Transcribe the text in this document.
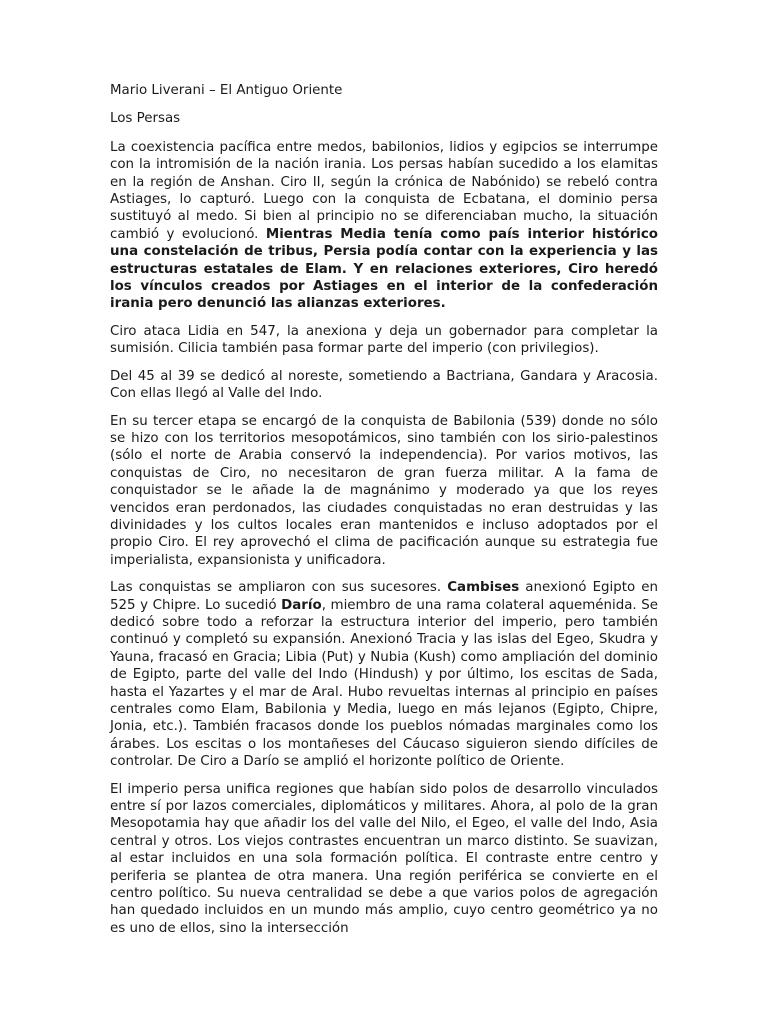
Mario Liverani – El Antiguo Oriente

Los Persas

La coexistencia pacífica entre medos, babilonios, lidios y egipcios se interrumpe con la intromisión de la nación irania. Los persas habían sucedido a los elamitas en la región de Anshan. Ciro II, según la crónica de Nabónido) se rebeló contra Astiages, lo capturó. Luego con la conquista de Ecbatana, el dominio persa sustituyó al medo. Si bien al principio no se diferenciaban mucho, la situación cambió y evolucionó. Mientras Media tenía como país interior histórico una constelación de tribus, Persia podía contar con la experiencia y las estructuras estatales de Elam. Y en relaciones exteriores, Ciro heredó los vínculos creados por Astiages en el interior de la confederación irania pero denunció las alianzas exteriores.

Ciro ataca Lidia en 547, la anexiona y deja un gobernador para completar la sumisión. Cilicia también pasa formar parte del imperio (con privilegios).

Del 45 al 39 se dedicó al noreste, sometiendo a Bactriana, Gandara y Aracosia. Con ellas llegó al Valle del Indo.

En su tercer etapa se encargó de la conquista de Babilonia (539) donde no sólo se hizo con los territorios mesopotámicos, sino también con los sirio-palestinos (sólo el norte de Arabia conservó la independencia). Por varios motivos, las conquistas de Ciro, no necesitaron de gran fuerza militar. A la fama de conquistador se le añade la de magnánimo y moderado ya que los reyes vencidos eran perdonados, las ciudades conquistadas no eran destruidas y las divinidades y los cultos locales eran mantenidos e incluso adoptados por el propio Ciro. El rey aprovechó el clima de pacificación aunque su estrategia fue imperialista, expansionista y unificadora.

Las conquistas se ampliaron con sus sucesores. Cambises anexionó Egipto en 525 y Chipre. Lo sucedió Darío, miembro de una rama colateral aqueménida. Se dedicó sobre todo a reforzar la estructura interior del imperio, pero también continuó y completó su expansión. Anexionó Tracia y las islas del Egeo, Skudra y Yauna, fracasó en Gracia; Libia (Put) y Nubia (Kush) como ampliación del dominio de Egipto, parte del valle del Indo (Hindush) y por último, los escitas de Sada, hasta el Yazartes y el mar de Aral. Hubo revueltas internas al principio en países centrales como Elam, Babilonia y Media, luego en más lejanos (Egipto, Chipre, Jonia, etc.). También fracasos donde los pueblos nómadas marginales como los árabes. Los escitas o los montañeses del Cáucaso siguieron siendo difíciles de controlar. De Ciro a Darío se amplió el horizonte político de Oriente.

El imperio persa unifica regiones que habían sido polos de desarrollo vinculados entre sí por lazos comerciales, diplomáticos y militares. Ahora, al polo de la gran Mesopotamia hay que añadir los del valle del Nilo, el Egeo, el valle del Indo, Asia central y otros. Los viejos contrastes encuentran un marco distinto. Se suavizan, al estar incluidos en una sola formación política. El contraste entre centro y periferia se plantea de otra manera. Una región periférica se convierte en el centro político. Su nueva centralidad se debe a que varios polos de agregación han quedado incluidos en un mundo más amplio, cuyo centro geométrico ya no es uno de ellos, sino la intersección
